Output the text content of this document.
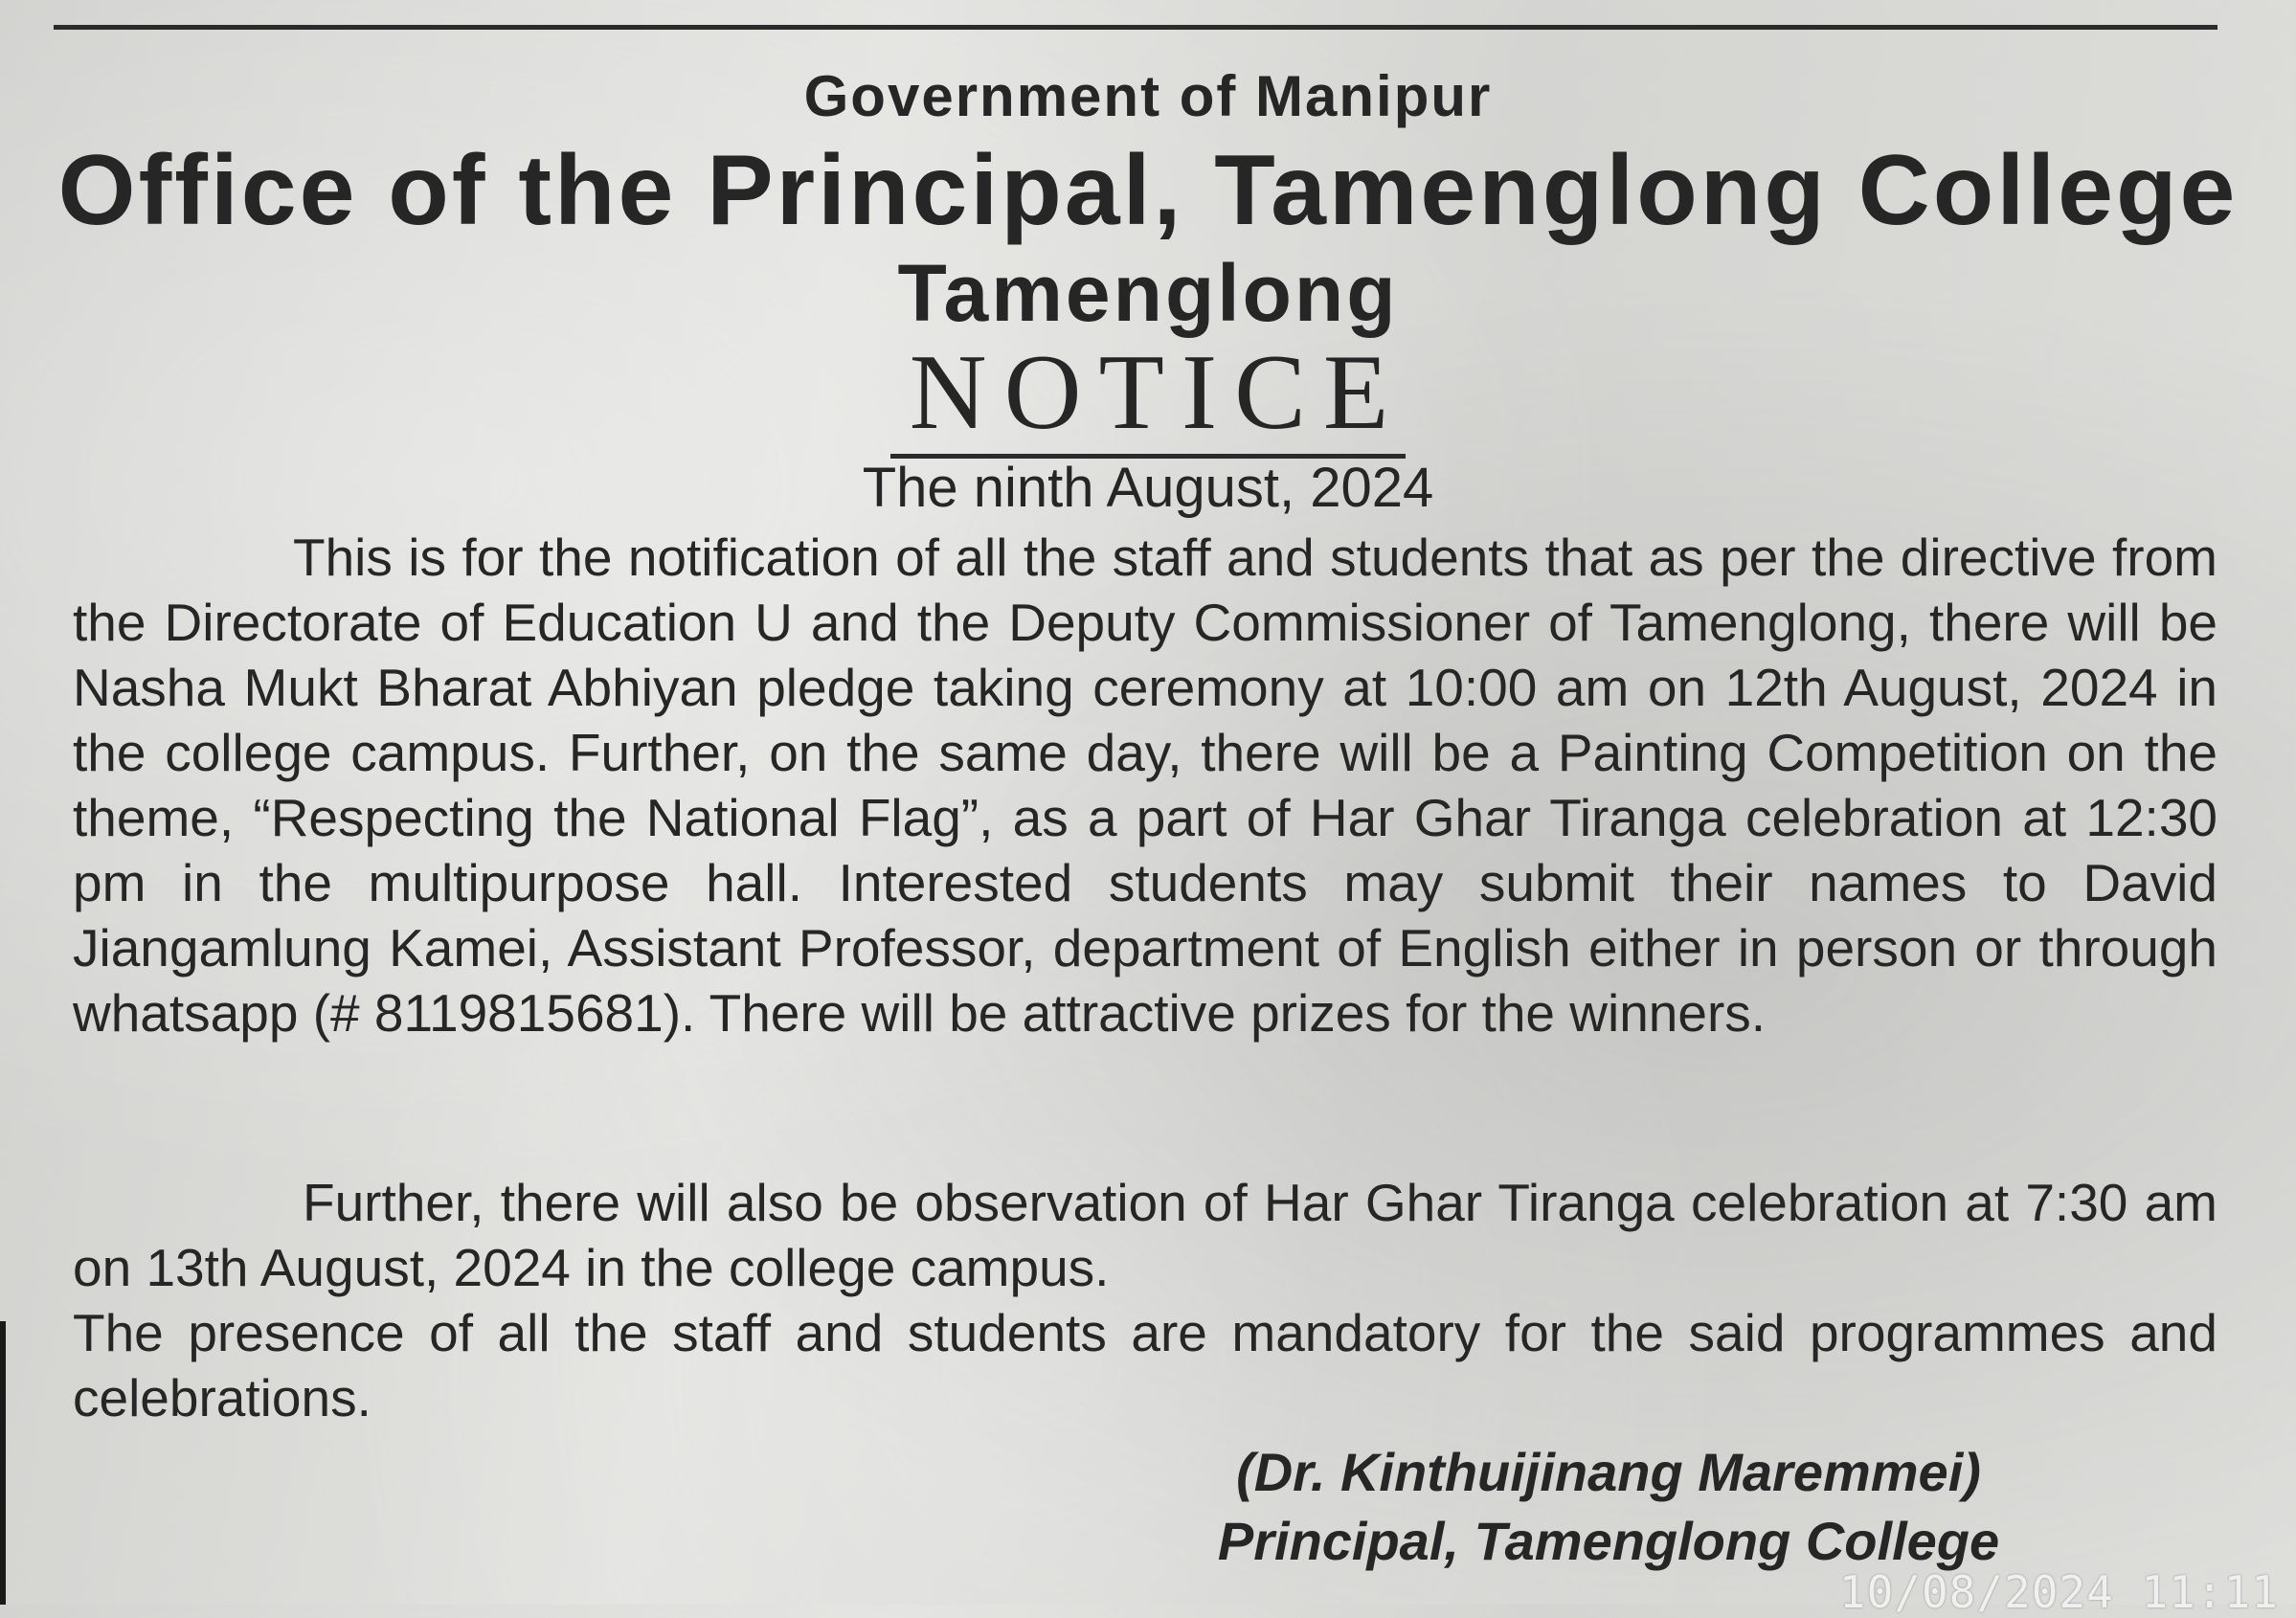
Government of Manipur
Office of the Principal, Tamenglong College
Tamenglong
NOTICE
The ninth August, 2024

This is for the notification of all the staff and students that as per the directive from the Directorate of Education U and the Deputy Commissioner of Tamenglong, there will be Nasha Mukt Bharat Abhiyan pledge taking ceremony at 10:00 am on 12th August, 2024 in the college campus. Further, on the same day, there will be a Painting Competition on the theme, “Respecting the National Flag”, as a part of Har Ghar Tiranga celebration at 12:30 pm in the multipurpose hall. Interested students may submit their names to David Jiangamlung Kamei, Assistant Professor, department of English either in person or through whatsapp (# 8119815681). There will be attractive prizes for the winners.

Further, there will also be observation of Har Ghar Tiranga celebration at 7:30 am on 13th August, 2024 in the college campus.

The presence of all the staff and students are mandatory for the said programmes and celebrations.

(Dr. Kinthuijinang Maremmei)
Principal, Tamenglong College
10/08/2024 11:11
